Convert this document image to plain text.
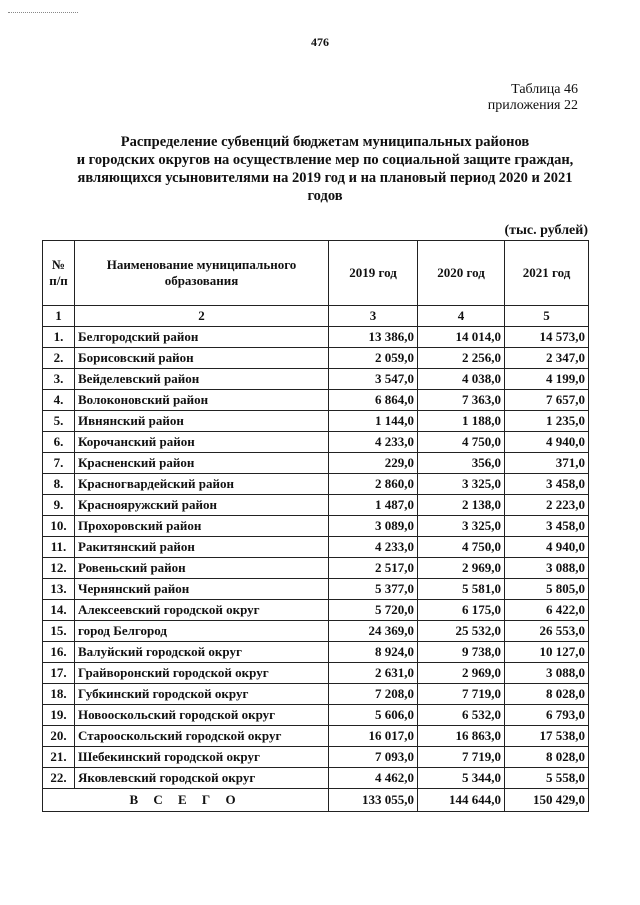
476
Таблица 46
приложения 22
Распределение субвенций бюджетам муниципальных районов
и городских округов на осуществление мер по социальной защите граждан,
являющихся усыновителями на 2019 год и на плановый период 2020 и 2021
годов
(тыс. рублей)
№ п/п	Наименование муниципального образования	2019 год	2020 год	2021 год
1	2	3	4	5
1.	Белгородский район	13 386,0	14 014,0	14 573,0
2.	Борисовский район	2 059,0	2 256,0	2 347,0
3.	Вейделевский район	3 547,0	4 038,0	4 199,0
4.	Волоконовский район	6 864,0	7 363,0	7 657,0
5.	Ивнянский район	1 144,0	1 188,0	1 235,0
6.	Корочанский район	4 233,0	4 750,0	4 940,0
7.	Красненский район	229,0	356,0	371,0
8.	Красногвардейский район	2 860,0	3 325,0	3 458,0
9.	Краснояружский район	1 487,0	2 138,0	2 223,0
10.	Прохоровский район	3 089,0	3 325,0	3 458,0
11.	Ракитянский район	4 233,0	4 750,0	4 940,0
12.	Ровеньский район	2 517,0	2 969,0	3 088,0
13.	Чернянский район	5 377,0	5 581,0	5 805,0
14.	Алексеевский городской округ	5 720,0	6 175,0	6 422,0
15.	город Белгород	24 369,0	25 532,0	26 553,0
16.	Валуйский городской округ	8 924,0	9 738,0	10 127,0
17.	Грайворонский городской округ	2 631,0	2 969,0	3 088,0
18.	Губкинский городской округ	7 208,0	7 719,0	8 028,0
19.	Новооскольский городской округ	5 606,0	6 532,0	6 793,0
20.	Старооскольский городской округ	16 017,0	16 863,0	17 538,0
21.	Шебекинский городской округ	7 093,0	7 719,0	8 028,0
22.	Яковлевский городской округ	4 462,0	5 344,0	5 558,0
В С Е Г О		133 055,0	144 644,0	150 429,0
